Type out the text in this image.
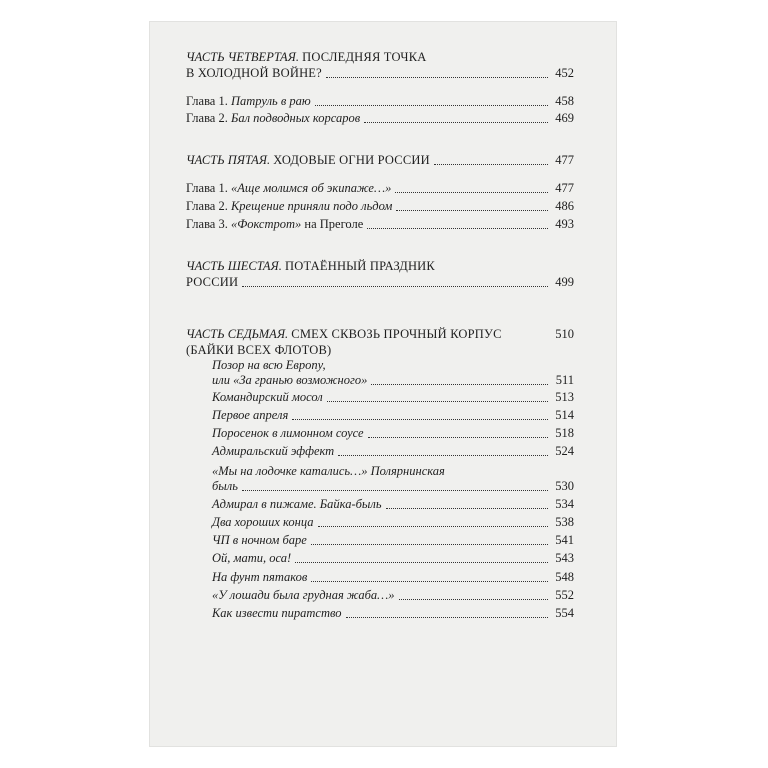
ЧАСТЬ ЧЕТВЕРТАЯ. ПОСЛЕДНЯЯ ТОЧКА
В ХОЛОДНОЙ ВОЙНЕ?	452
Глава 1. Патруль в раю	458
Глава 2. Бал подводных корсаров	469
ЧАСТЬ ПЯТАЯ. ХОДОВЫЕ ОГНИ РОССИИ	477
Глава 1. «Аще молимся об экипаже…»	477
Глава 2. Крещение приняли подо льдом	486
Глава 3. «Фокстрот» на Преголе	493
ЧАСТЬ ШЕСТАЯ. ПОТАЁННЫЙ ПРАЗДНИК
РОССИИ	499
ЧАСТЬ СЕДЬМАЯ. СМЕХ СКВОЗЬ ПРОЧНЫЙ КОРПУС	510
(БАЙКИ ВСЕХ ФЛОТОВ)
Позор на всю Европу,
или «За гранью возможного»	511
Командирский мосол	513
Первое апреля	514
Поросенок в лимонном соусе	518
Адмиральский эффект	524
«Мы на лодочке катались…» Полярнинская
быль	530
Адмирал в пижаме. Байка-быль	534
Два хороших конца	538
ЧП в ночном баре	541
Ой, мати, оса!	543
На фунт пятаков	548
«У лошади была грудная жаба…»	552
Как извести пиратство	554
